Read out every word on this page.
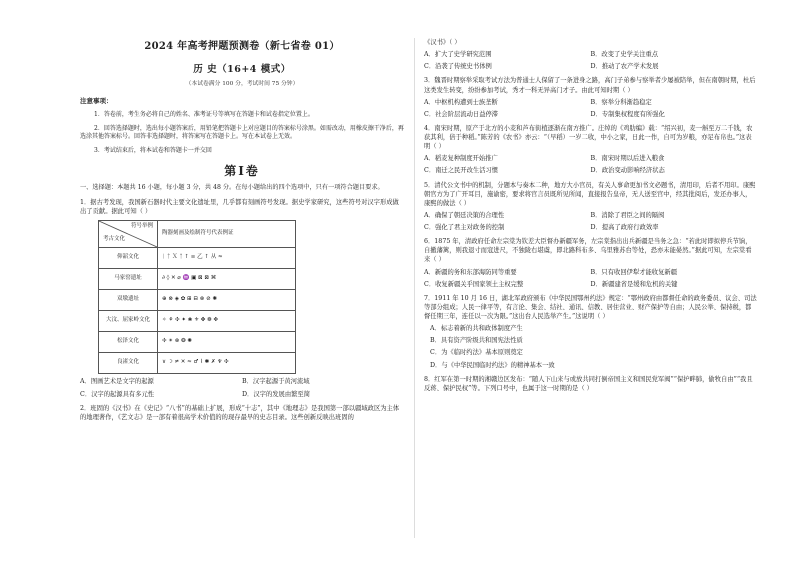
2024 年高考押题预测卷（新七省卷 01）
历 史（16+4 模式）
（本试卷满分 100 分，考试时间 75 分钟）
注意事项：

1．答卷前，考生务必将自己的姓名、准考证号等填写在答题卡和试卷指定位置上。

2．回答选择题时，选出每小题答案后，用铅笔把答题卡上对应题目的答案标号涂黑。如需改动，用橡皮擦干净后，再选涂其他答案标号。回答非选择题时，将答案写在答题卡上。写在本试卷上无效。

3．考试结束后，将本试卷和答题卡一并交回

第Ⅰ卷
一、选择题：本题共 16 小题，每小题 3 分，共 48 分。在每小题给出的四个选项中，只有一项符合题目要求。
1．据古考发现，我国新石器时代主要文化遗址里，几乎都有刻画符号发现。据史学家研究，这些符号对汉字形成做出了贡献。据此可知（ ）
符号举例
考古文化	陶器刻画及绘制符号代表例证
仰韶文化	ᛁ ᛏ Ｘ ᛏ ↑ ≡ 乙 ↑ 从 ≈
马家窑遗址	∂ ◊ ✕ ⌀ ♒ ▣ ⊠ ⊠ ⌘
双墩遗址	⊕ ⊗ ◈ ✿ ⊞ ⊟ ⊛ ⊘ ✺
大汶、屈家岭文化	✧ ⚘ ✣ ✦ ❀ ⚜ ✤ ❁ ✥
松泽文化	✢ ✴ ⊛ ❂ ✺
良渚文化	∨ ☽ ≠ ✕ ≈ ♂ ⌇ ✱ ✗ ♆ ✣
A．图画艺术是文字的起源	B．汉字起源于黄河流域
C．汉字的起源具有多元性	D．汉字的发展由繁至简
2．班固的《汉书》在《史记》“八书”的基础上扩展，形成“十志”，其中《地理志》是我国第一部以疆域政区为主体的地理著作，《艺文志》是一部有着很高学术价值的的现存最早的史志目录。这些创新反映出班固的
《汉书》（ ）
A．扩大了史学研究范围	B．改变了史学关注重点
C．沿袭了传统史书体例	D．推动了农产学术发展
3．魏晋时期察举采取考试方法为普通士人保留了一条进身之路，高门子弟参与察举者少屡被陪举，但在南朝时期，杜后这类发生转变，纷纷参加考试，秀才一科无异高门才子。由此可知时期（ ）
A．中枢机构遭到士族垄断	B．察举分科渐趋稳定
C．社会阶层流动日益停滞	D．专制集权程度有所强化
4．南宋时期，原产于北方的小麦和芦布街植逐渐在南方推广。庄绰的《鸡肋编》载：“绍兴初，麦一斛至万二千钱，农获其利，倍于种稻。”陈芳的《农书》亦云：“（早稻）一岁二收，中小之家，日此一作，自可为岁粮，亦足布帛也。”这表明（ ）
A．稻麦复种制度开始推广	B．南宋时期以后进入粮食
C．南迁之民开改生活习惯	D．政治变动影响经济状态
5．清代公文书中的机制，分题本与奏本二种，地方大小官员，有关人事命更加书文必题书，清用印，后者不用印。康熙朝官方为了广开耳目，施谕密，要求将官言员既所见所闻，直接报告皇帝，无人送至官中，经其批阅后，发还办事人，康熙的做法（ ）
A．确保了朝廷决策的合理性	B．消除了君臣之间的隔阂
C．强化了君主对政务的控制	D．提高了政府行政效率
6．1875 年，清政府任命左宗棠为钦差大臣督办新疆军务，左宗棠指出出兵新疆是当务之急：“若此时即拟停兵节饷，自撤藩篱，则我退寸而寇进尺，不独陇右堪虞，即北路科布多、乌里雅苏台等处，恐亦未能晏然。”据此可知，左宗棠看来（ ）
A．新疆的务和东部海防同等重要	B．只有收回伊犁才能收复新疆
C．收复新疆关乎国家领土主权完整	D．新疆建省是缓和危机的关键
7．1911 年 10 月 16 日，湖北军政府颁布《中华民国鄂州约法》规定：“鄂州政府由都督任命的政务委员、议会、司法等部分组成；人民一律平等，有言论、集会、结社、通讯、信教、居住营业、财产保护等自由；人民公举、保持税，都督任期三年，连任以一次为限。”这出台人民选举产生。”这说明（ ）
A．标志着新的共和政体制度产生
B．具有资产阶级共和国宪法性质
C．为《临时约法》基本原则奠定
D．与《中华民国临时约法》的精神基本一致
8．红军在第一时期的湘赣边区发布：“随人下山来与或放共同打倒帝国主义和国民党军阀”“保护畔肺，偷牧自由”“我且反蒋、保护民权”等。下列口号中，也属于这一时期的是（ ）
